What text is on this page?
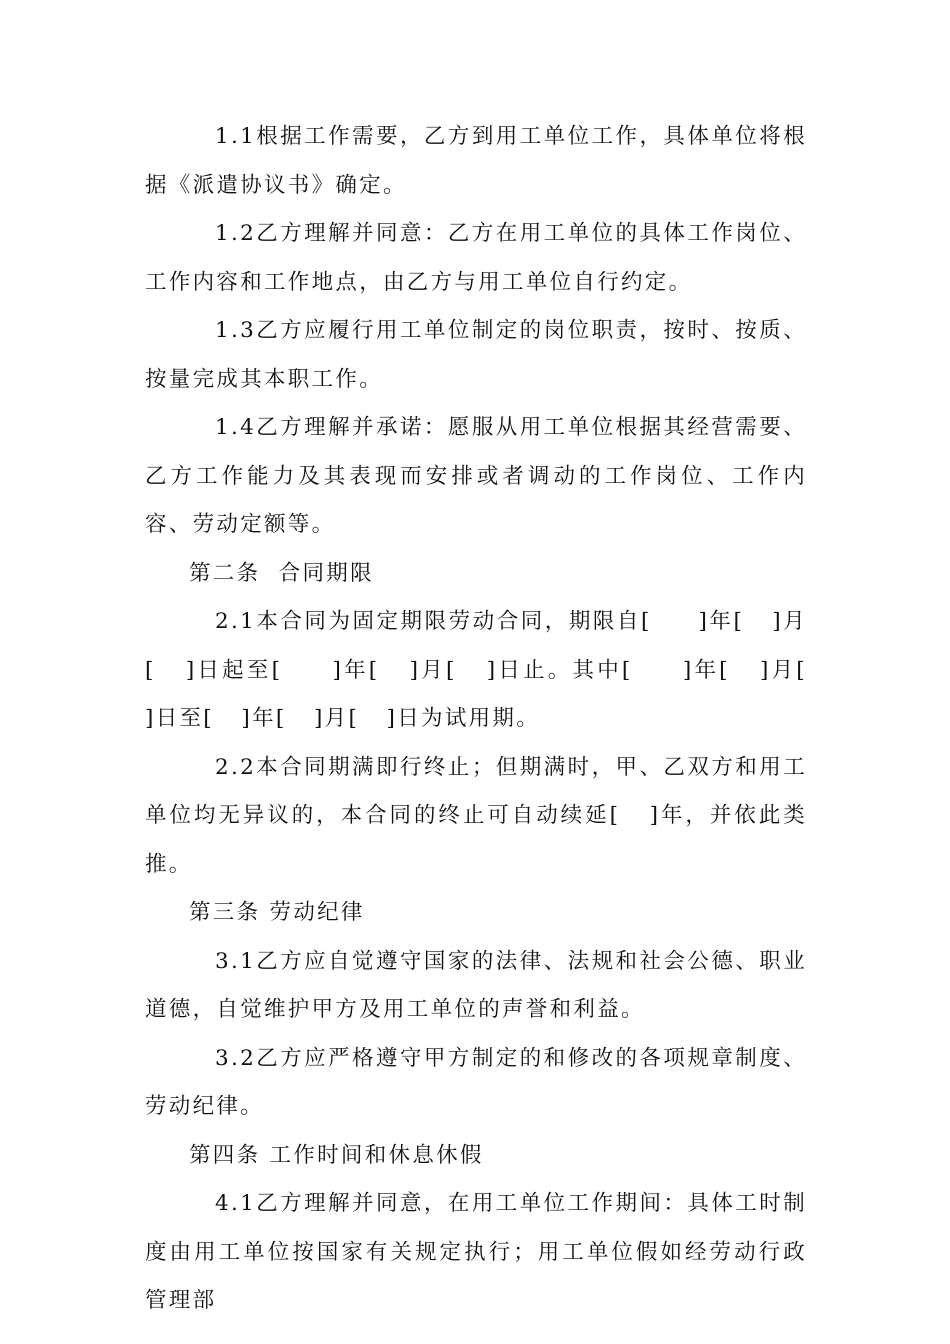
1.1根据工作需要，乙方到用工单位工作，具体单位将根据《派遣协议书》确定。

1.2乙方理解并同意：乙方在用工单位的具体工作岗位、工作内容和工作地点，由乙方与用工单位自行约定。

1.3乙方应履行用工单位制定的岗位职责，按时、按质、按量完成其本职工作。

1.4乙方理解并承诺：愿服从用工单位根据其经营需要、乙方工作能力及其表现而安排或者调动的工作岗位、工作内容、劳动定额等。

第二条  合同期限

2.1本合同为固定期限劳动合同，期限自[     ]年[   ]月[   ]日起至[     ]年[   ]月[   ]日止。其中[     ]年[   ]月[   ]日至[   ]年[   ]月[   ]日为试用期。

2.2本合同期满即行终止；但期满时，甲、乙双方和用工单位均无异议的，本合同的终止可自动续延[   ]年，并依此类推。

第三条 劳动纪律

3.1乙方应自觉遵守国家的法律、法规和社会公德、职业道德，自觉维护甲方及用工单位的声誉和利益。

3.2乙方应严格遵守甲方制定的和修改的各项规章制度、劳动纪律。

第四条 工作时间和休息休假

4.1乙方理解并同意，在用工单位工作期间：具体工时制度由用工单位按国家有关规定执行；用工单位假如经劳动行政管理部
